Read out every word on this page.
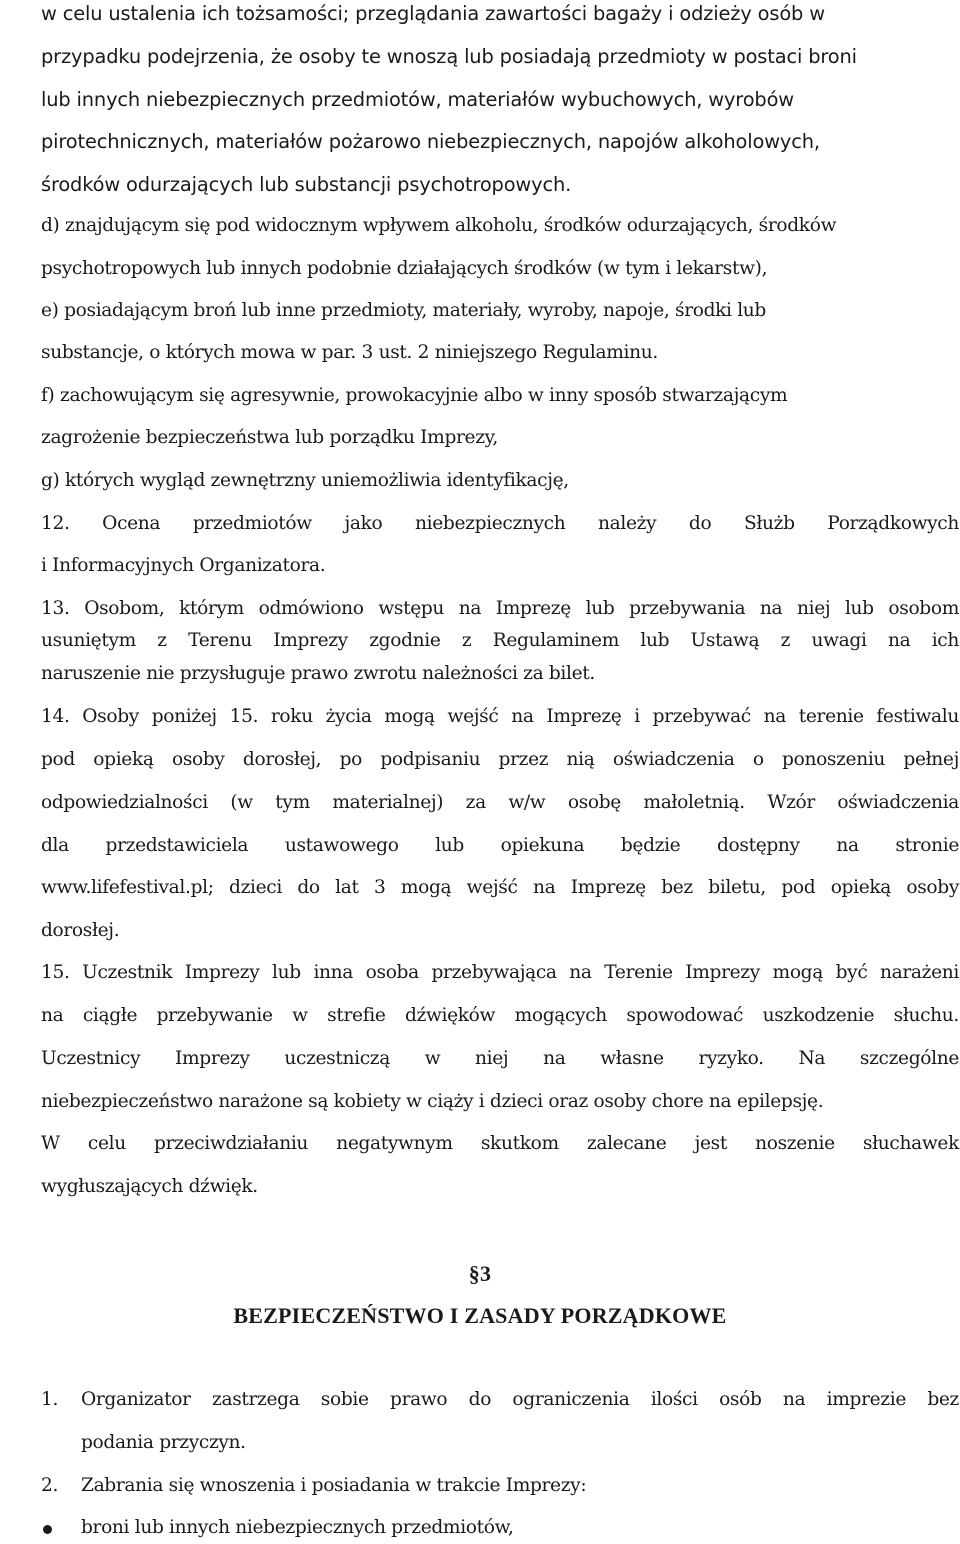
w celu ustalenia ich tożsamości; przeglądania zawartości bagaży i odzieży osób w
przypadku podejrzenia, że osoby te wnoszą lub posiadają przedmioty w postaci broni
lub innych niebezpiecznych przedmiotów, materiałów wybuchowych, wyrobów
pirotechnicznych, materiałów pożarowo niebezpiecznych, napojów alkoholowych,
środków odurzających lub substancji psychotropowych.
d) znajdującym się pod widocznym wpływem alkoholu, środków odurzających, środków
psychotropowych lub innych podobnie działających środków (w tym i lekarstw),
e) posiadającym broń lub inne przedmioty, materiały, wyroby, napoje, środki lub
substancje, o których mowa w par. 3 ust. 2 niniejszego Regulaminu.
f) zachowującym się agresywnie, prowokacyjnie albo w inny sposób stwarzającym
zagrożenie bezpieczeństwa lub porządku Imprezy,
g) których wygląd zewnętrzny uniemożliwia identyfikację,
12. Ocena przedmiotów jako niebezpiecznych należy do Służb Porządkowych
i Informacyjnych Organizatora.
13. Osobom, którym odmówiono wstępu na Imprezę lub przebywania na niej lub osobom
usuniętym z Terenu Imprezy zgodnie z Regulaminem lub Ustawą z uwagi na ich
naruszenie nie przysługuje prawo zwrotu należności za bilet.
14. Osoby poniżej 15. roku życia mogą wejść na Imprezę i przebywać na terenie festiwalu
pod opieką osoby dorosłej, po podpisaniu przez nią oświadczenia o ponoszeniu pełnej
odpowiedzialności (w tym materialnej) za w/w osobę małoletnią. Wzór oświadczenia
dla przedstawiciela ustawowego lub opiekuna będzie dostępny na stronie
www.lifefestival.pl; dzieci do lat 3 mogą wejść na Imprezę bez biletu, pod opieką osoby
dorosłej.
15. Uczestnik Imprezy lub inna osoba przebywająca na Terenie Imprezy mogą być narażeni
na ciągłe przebywanie w strefie dźwięków mogących spowodować uszkodzenie słuchu.
Uczestnicy Imprezy uczestniczą w niej na własne ryzyko. Na szczególne
niebezpieczeństwo narażone są kobiety w ciąży i dzieci oraz osoby chore na epilepsję.
W celu przeciwdziałaniu negatywnym skutkom zalecane jest noszenie słuchawek
wygłuszających dźwięk.
§3
BEZPIECZEŃSTWO I ZASADY PORZĄDKOWE
1. Organizator zastrzega sobie prawo do ograniczenia ilości osób na imprezie bez
podania przyczyn.
2. Zabrania się wnoszenia i posiadania w trakcie Imprezy:
broni lub innych niebezpiecznych przedmiotów,
